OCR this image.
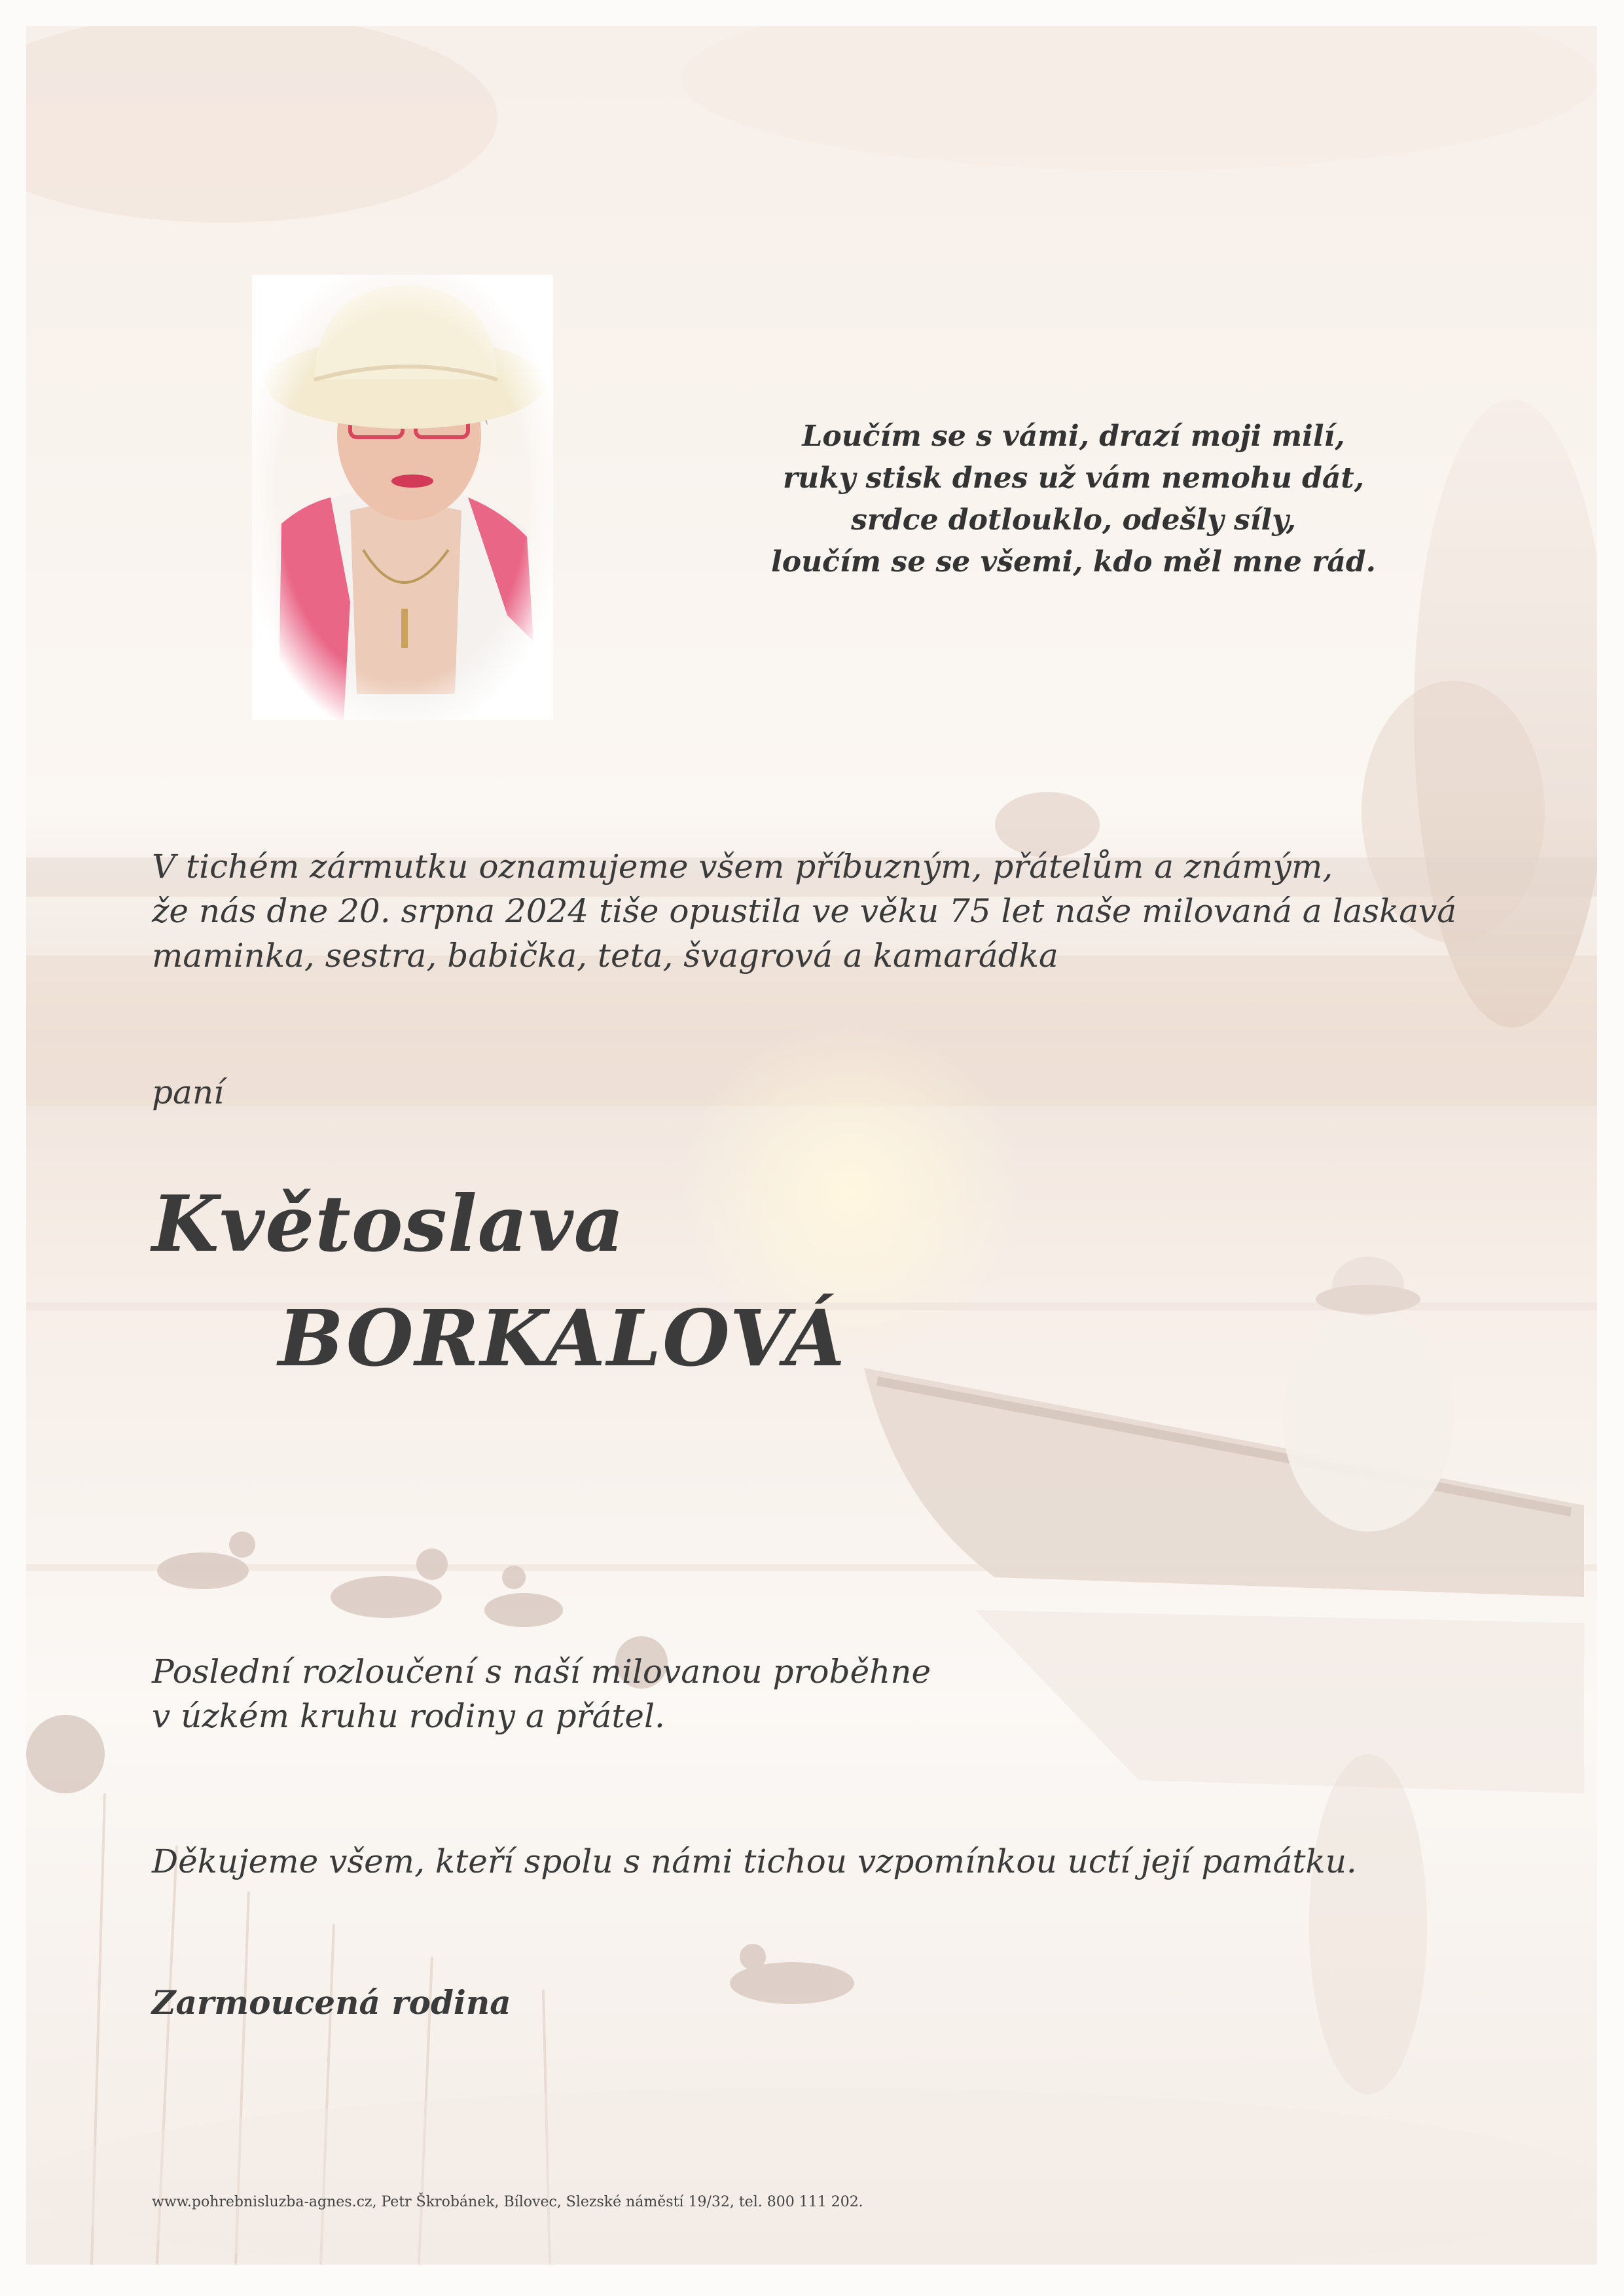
Loučím se s vámi, drazí moji milí,
ruky stisk dnes už vám nemohu dát,
srdce dotlouklo, odešly síly,
loučím se se všemi, kdo měl mne rád.
V tichém zármutku oznamujeme všem příbuzným, přátelům a známým,
že nás dne 20. srpna 2024 tiše opustila ve věku 75 let naše milovaná a laskavá
maminka, sestra, babička, teta, švagrová a kamarádka
paní
Květoslava
BORKALOVÁ
Poslední rozloučení s naší milovanou proběhne
v úzkém kruhu rodiny a přátel.
Děkujeme všem, kteří spolu s námi tichou vzpomínkou uctí její památku.
Zarmoucená rodina
www.pohrebnisluzba-agnes.cz, Petr Škrobánek, Bílovec, Slezské náměstí 19/32, tel. 800 111 202.
